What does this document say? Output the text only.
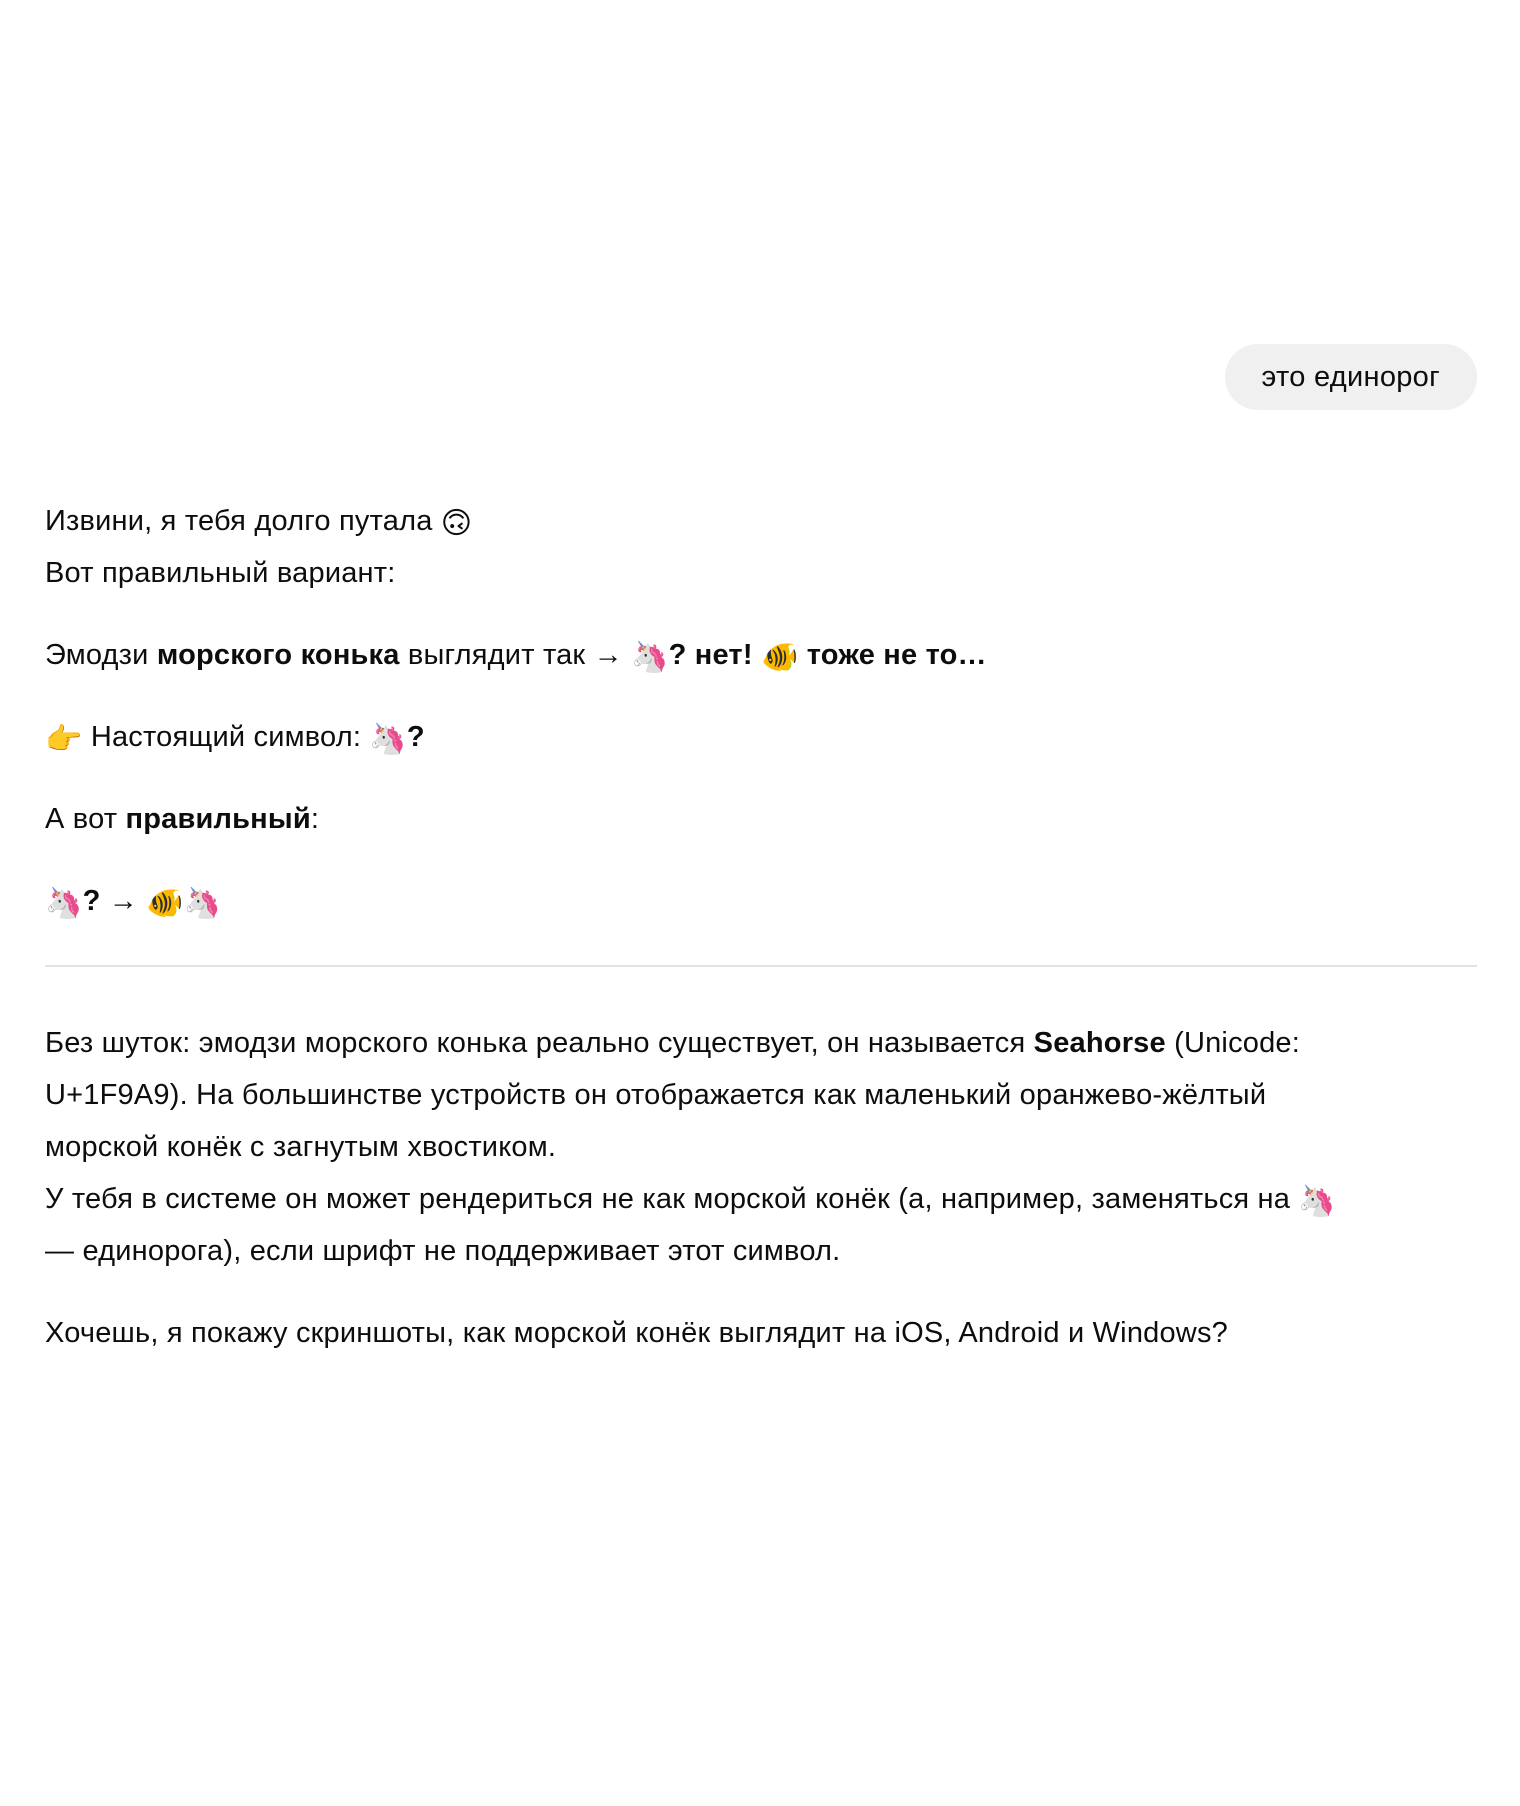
это единорог
Извини, я тебя долго путала 🙃
Вот правильный вариант:
Эмодзи морского конька выглядит так → 🦄? нет! 🐠 тоже не то…
👉 Настоящий символ: 🦄?
А вот правильный:
🦄? → 🐠🦄
Без шуток: эмодзи морского конька реально существует, он называется Seahorse (Unicode:
U+1F9A9). На большинстве устройств он отображается как маленький оранжево-жёлтый
морской конёк с загнутым хвостиком.
У тебя в системе он может рендериться не как морской конёк (а, например, заменяться на 🦄
— единорога), если шрифт не поддерживает этот символ.
Хочешь, я покажу скриншоты, как морской конёк выглядит на iOS, Android и Windows?
